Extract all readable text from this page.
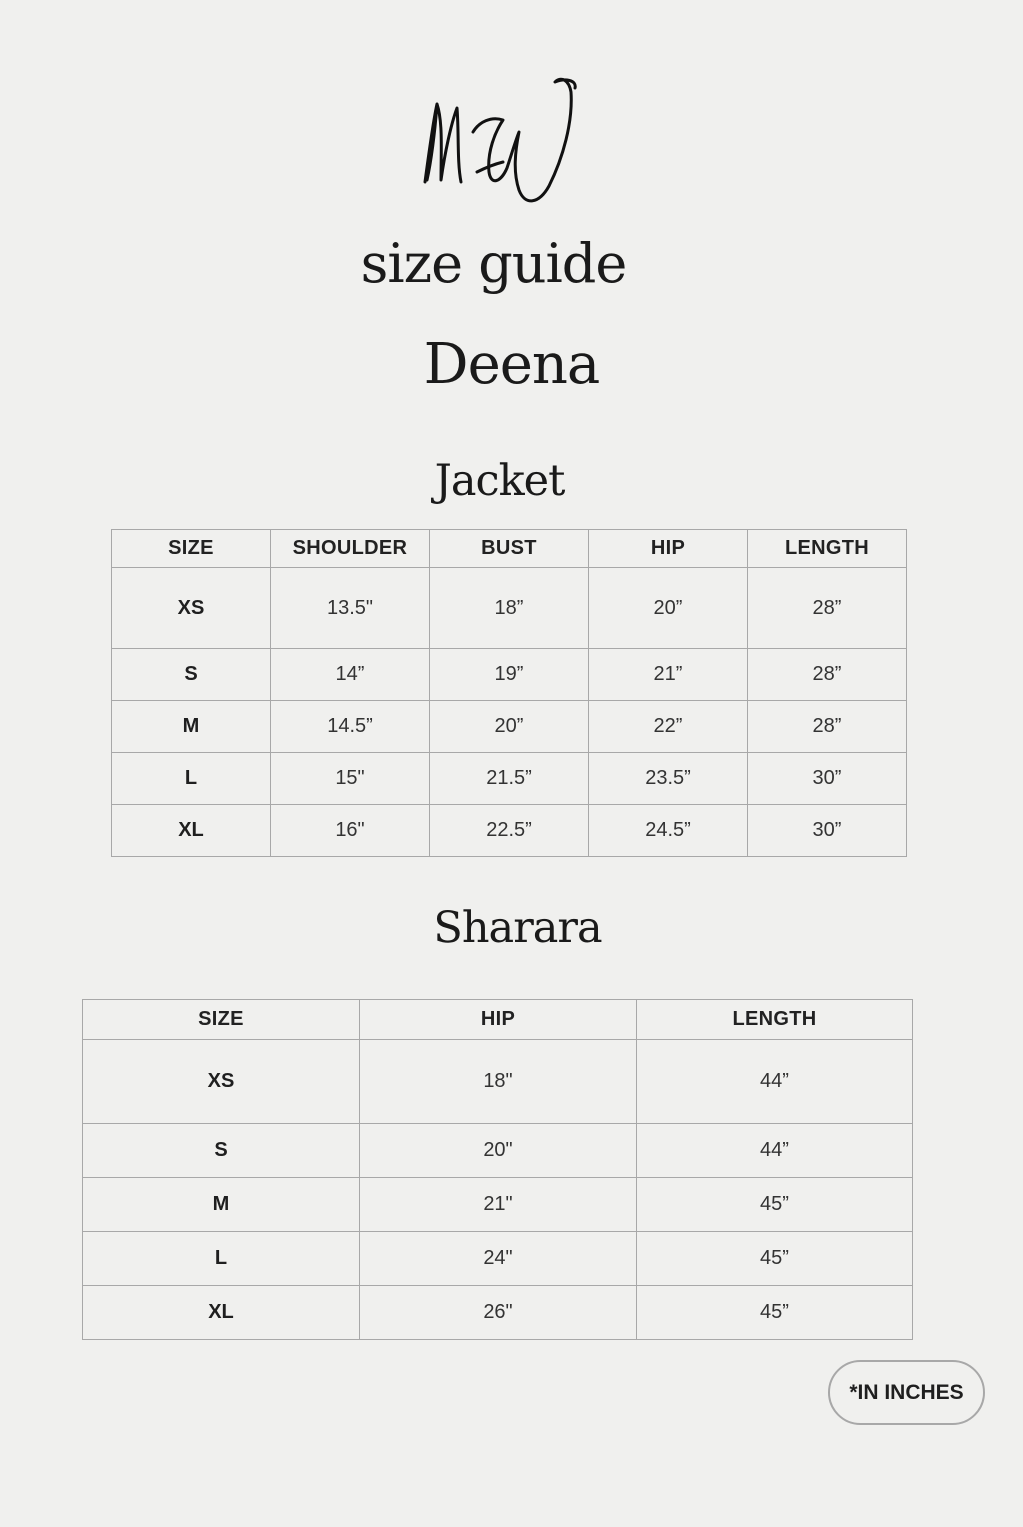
size guide
Deena
Jacket
SIZE	SHOULDER	BUST	HIP	LENGTH
XS	13.5"	18”	20”	28”
S	14”	19”	21”	28”
M	14.5”	20”	22”	28”
L	15"	21.5”	23.5”	30”
XL	16"	22.5”	24.5”	30”
Sharara
SIZE	HIP	LENGTH
XS	18"	44”
S	20"	44”
M	21"	45”
L	24"	45”
XL	26"	45”
*IN INCHES
